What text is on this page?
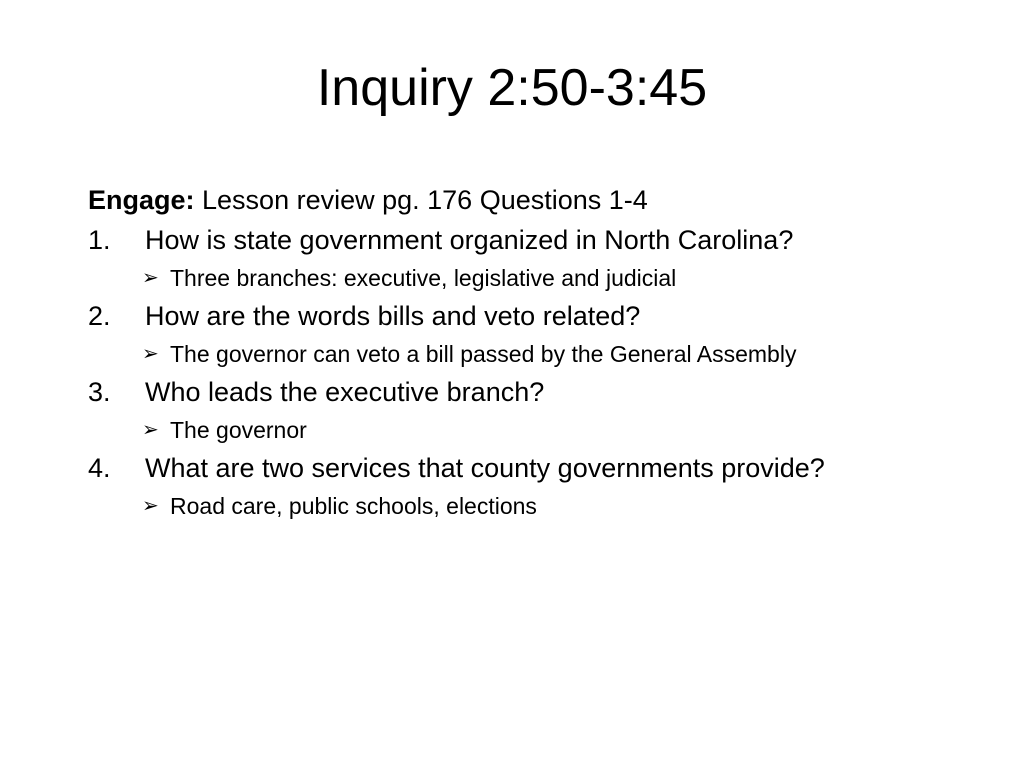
Inquiry 2:50-3:45

Engage: Lesson review pg. 176 Questions 1-4

1. How is state government organized in North Carolina?
➢ Three branches: executive, legislative and judicial
2. How are the words bills and veto related?
➢ The governor can veto a bill passed by the General Assembly
3. Who leads the executive branch?
➢ The governor
4. What are two services that county governments provide?
➢ Road care, public schools, elections
